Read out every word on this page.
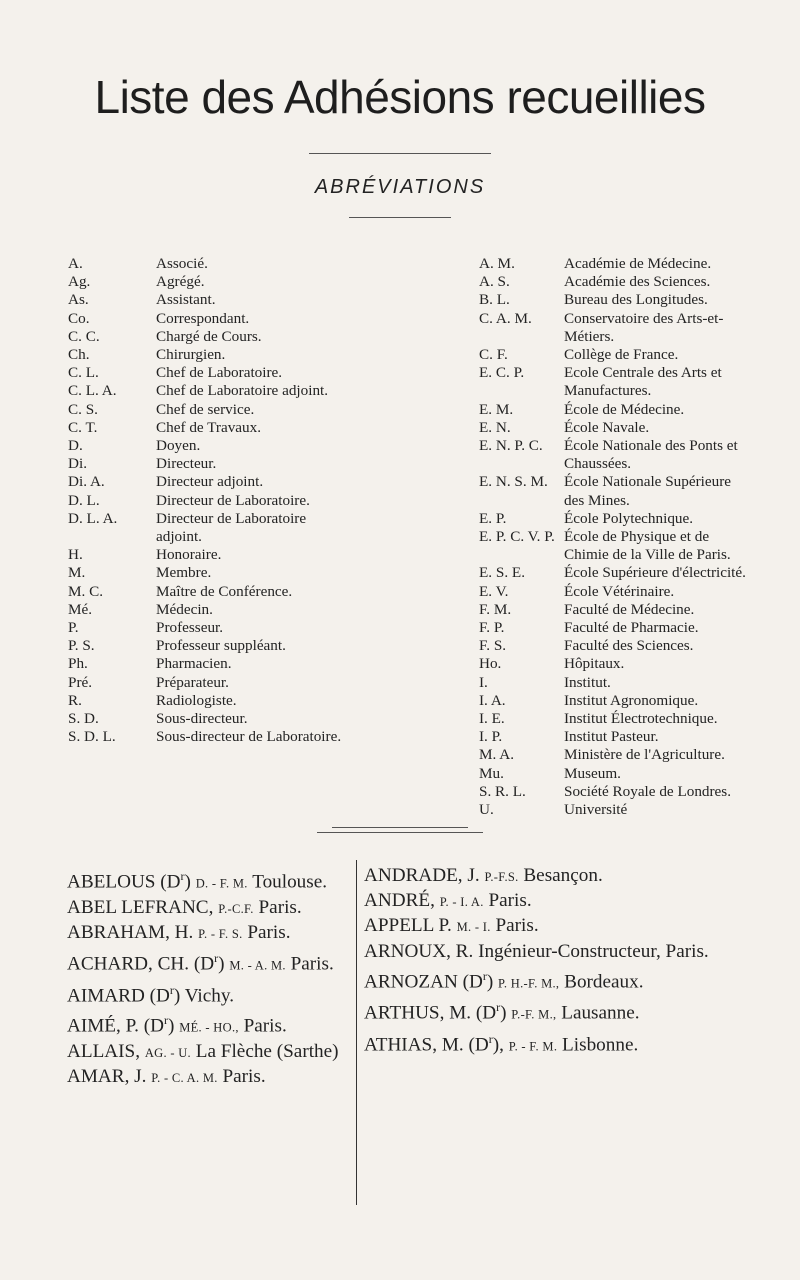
Liste des Adhésions recueillies
ABRÉVIATIONS
A.	Associé.
Ag.	Agrégé.
As.	Assistant.
Co.	Correspondant.
C. C.	Chargé de Cours.
Ch.	Chirurgien.
C. L.	Chef de Laboratoire.
C. L. A.	Chef de Laboratoire adjoint.
C. S.	Chef de service.
C. T.	Chef de Travaux.
D.	Doyen.
Di.	Directeur.
Di. A.	Directeur adjoint.
D. L.	Directeur de Laboratoire.
D. L. A.	Directeur de Laboratoire adjoint.
H.	Honoraire.
M.	Membre.
M. C.	Maître de Conférence.
Mé.	Médecin.
P.	Professeur.
P. S.	Professeur suppléant.
Ph.	Pharmacien.
Pré.	Préparateur.
R.	Radiologiste.
S. D.	Sous-directeur.
S. D. L.	Sous-directeur de Laboratoire.
A. M.	Académie de Médecine.
A. S.	Académie des Sciences.
B. L.	Bureau des Longitudes.
C. A. M.	Conservatoire des Arts-et-Métiers.
C. F.	Collège de France.
E. C. P.	Ecole Centrale des Arts et Manufactures.
E. M.	École de Médecine.
E. N.	École Navale.
E. N. P. C.	École Nationale des Ponts et Chaussées.
E. N. S. M.	École Nationale Supérieure des Mines.
E. P.	École Polytechnique.
E. P. C. V. P. École de Physique et de Chimie de la Ville de Paris.
E. S. E.	École Supérieure d'électricité.
E. V.	École Vétérinaire.
F. M.	Faculté de Médecine.
F. P.	Faculté de Pharmacie.
F. S.	Faculté des Sciences.
Ho.	Hôpitaux.
I.	Institut.
I. A.	Institut Agronomique.
I. E.	Institut Électrotechnique.
I. P.	Institut Pasteur.
M. A.	Ministère de l'Agriculture.
Mu.	Museum.
S. R. L.	Société Royale de Londres.
U.	Université
ABELOUS $(D^r)$ D. - F. M. Toulouse.
ABEL LEFRANC, P.-C.F. Paris.
ABRAHAM, H. P. - F. S. Paris.
ACHARD, CH. $(D^r)$ M. - A. M. Paris.
AIMARD $(D^r)$ Vichy.
AIMÉ, P. $(D^r)$ MÉ. - HO., Paris.
ALLAIS, AG. - U. La Flèche (Sarthe)
AMAR, J. P. - C. A. M. Paris.
ANDRADE, J. P.-F.S. Besançon.
ANDRÉ, P. - I. A. Paris.
APPELL P. M. - I. Paris.
ARNOUX, R. Ingénieur-Constructeur, Paris.
ARNOZAN $(D^r)$ P. H.-F. M., Bordeaux.
ARTHUS, M. $(D^r)$ P.-F. M., Lausanne.
ATHIAS, M. $(D^r)$, P. - F. M. Lisbonne.
